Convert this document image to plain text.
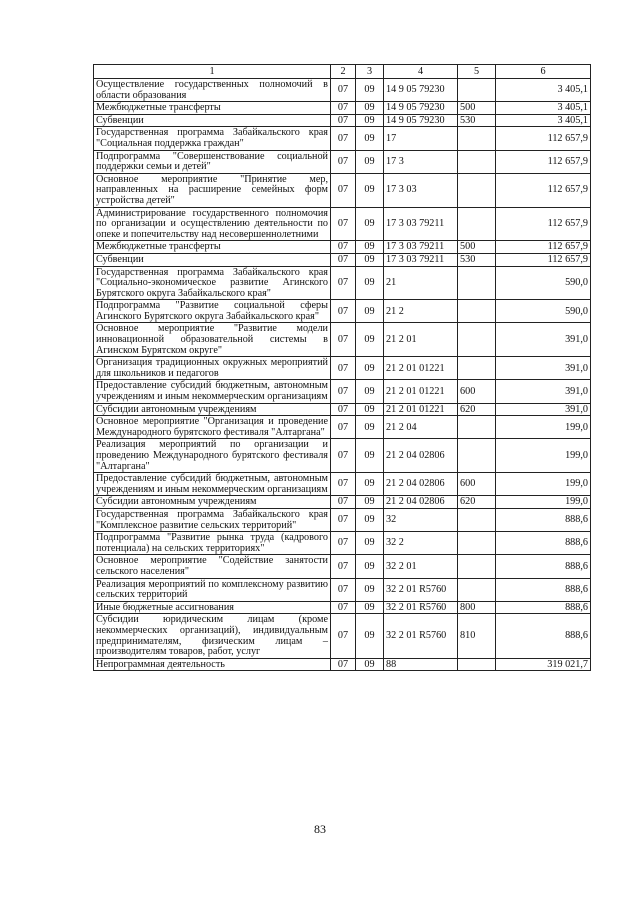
1	2	3	4	5	6
Осуществление государственных полномочий в области образования	07	09	14 9 05 79230		3 405,1
Межбюджетные трансферты	07	09	14 9 05 79230	500	3 405,1
Субвенции	07	09	14 9 05 79230	530	3 405,1
Государственная программа Забайкальского края "Социальная поддержка граждан"	07	09	17		112 657,9
Подпрограмма "Совершенствование социальной поддержки семьи и детей"	07	09	17 3		112 657,9
Основное мероприятие "Принятие мер, направленных на расширение семейных форм устройства детей"	07	09	17 3 03		112 657,9
Администрирование государственного полномочия по организации и осуществлению деятельности по опеке и попечительству над несовершеннолетними	07	09	17 3 03 79211		112 657,9
Межбюджетные трансферты	07	09	17 3 03 79211	500	112 657,9
Субвенции	07	09	17 3 03 79211	530	112 657,9
Государственная программа Забайкальского края "Социально-экономическое развитие Агинского Бурятского округа Забайкальского края"	07	09	21		590,0
Подпрограмма "Развитие социальной сферы Агинского Бурятского округа Забайкальского края"	07	09	21 2		590,0
Основное мероприятие "Развитие модели инновационной образовательной системы в Агинском Бурятском округе"	07	09	21 2 01		391,0
Организация традиционных окружных мероприятий для школьников и педагогов	07	09	21 2 01 01221		391,0
Предоставление субсидий бюджетным, автономным учреждениям и иным некоммерческим организациям	07	09	21 2 01 01221	600	391,0
Субсидии автономным учреждениям	07	09	21 2 01 01221	620	391,0
Основное мероприятие "Организация и проведение Международного бурятского фестиваля "Алтаргана"	07	09	21 2 04		199,0
Реализация мероприятий по организации и проведению Международного бурятского фестиваля "Алтаргана"	07	09	21 2 04 02806		199,0
Предоставление субсидий бюджетным, автономным учреждениям и иным некоммерческим организациям	07	09	21 2 04 02806	600	199,0
Субсидии автономным учреждениям	07	09	21 2 04 02806	620	199,0
Государственная программа Забайкальского края "Комплексное развитие сельских территорий"	07	09	32		888,6
Подпрограмма "Развитие рынка труда (кадрового потенциала) на сельских территориях"	07	09	32 2		888,6
Основное мероприятие "Содействие занятости сельского населения"	07	09	32 2 01		888,6
Реализация мероприятий по комплексному развитию сельских территорий	07	09	32 2 01 R5760		888,6
Иные бюджетные ассигнования	07	09	32 2 01 R5760	800	888,6
Субсидии юридическим лицам (кроме некоммерческих организаций), индивидуальным предпринимателям, физическим лицам – производителям товаров, работ, услуг	07	09	32 2 01 R5760	810	888,6
Непрограммная деятельность	07	09	88		319 021,7
83
